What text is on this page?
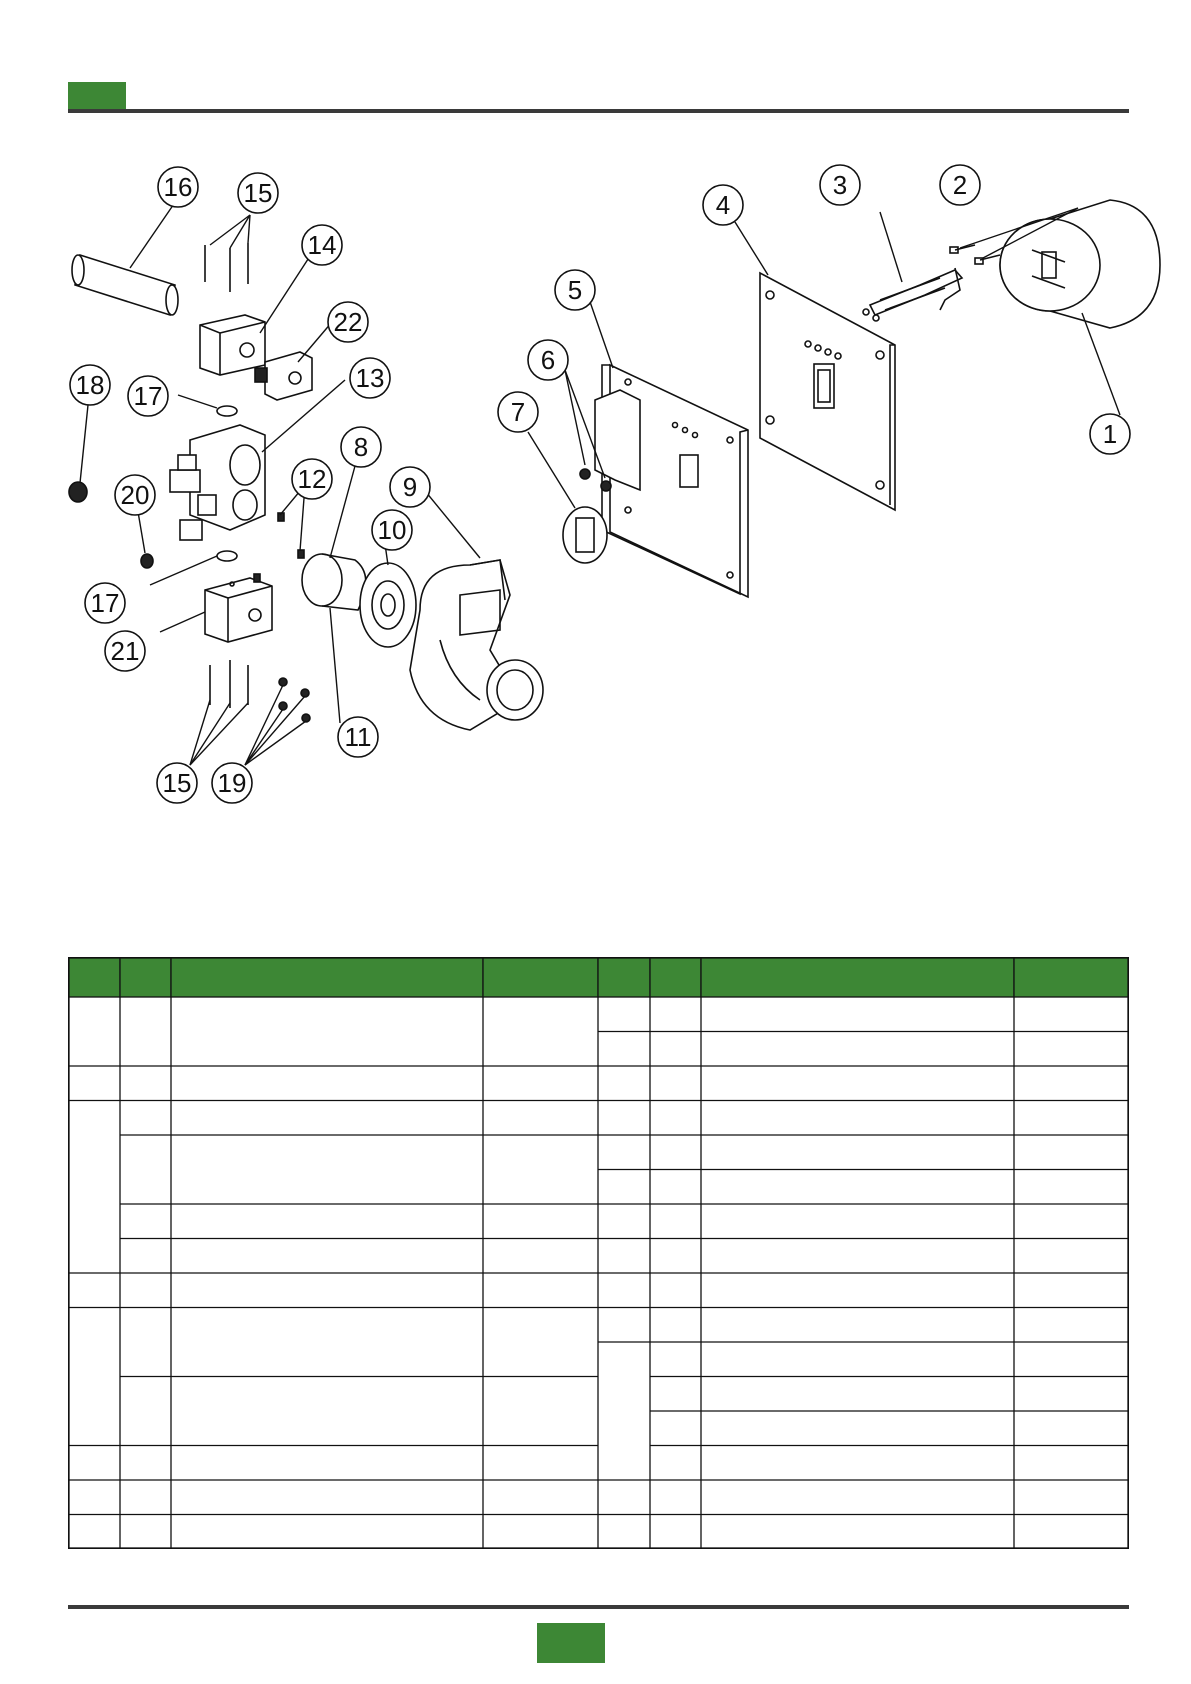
1
2
3
4
5
6
7
8
9
10
11
12
13
14
15
16
17
18
19
20
21
22
15
17
